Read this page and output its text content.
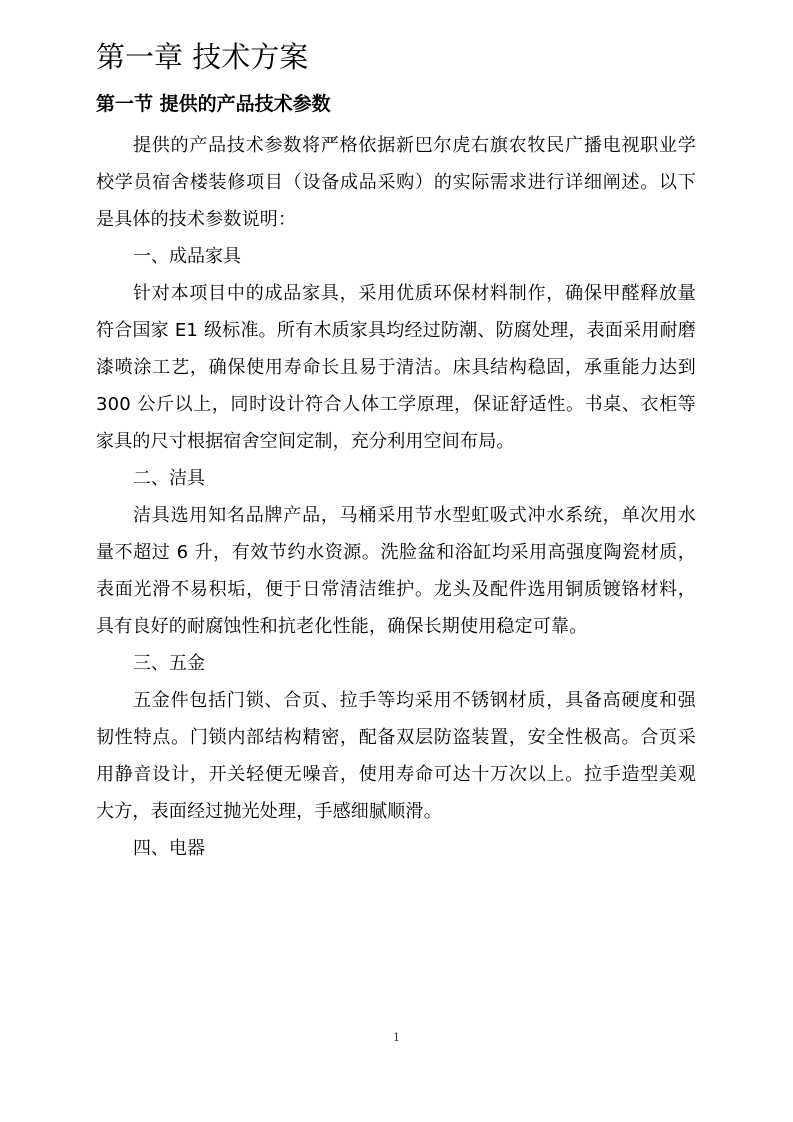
第一章 技术方案
第一节 提供的产品技术参数

提供的产品技术参数将严格依据新巴尔虎右旗农牧民广播电视职业学校学员宿舍楼装修项目（设备成品采购）的实际需求进行详细阐述。以下是具体的技术参数说明：

一、成品家具

针对本项目中的成品家具，采用优质环保材料制作，确保甲醛释放量符合国家 E1 级标准。所有木质家具均经过防潮、防腐处理，表面采用耐磨漆喷涂工艺，确保使用寿命长且易于清洁。床具结构稳固，承重能力达到 300 公斤以上，同时设计符合人体工学原理，保证舒适性。书桌、衣柜等家具的尺寸根据宿舍空间定制，充分利用空间布局。

二、洁具

洁具选用知名品牌产品，马桶采用节水型虹吸式冲水系统，单次用水量不超过 6 升，有效节约水资源。洗脸盆和浴缸均采用高强度陶瓷材质，表面光滑不易积垢，便于日常清洁维护。龙头及配件选用铜质镀铬材料，具有良好的耐腐蚀性和抗老化性能，确保长期使用稳定可靠。

三、五金

五金件包括门锁、合页、拉手等均采用不锈钢材质，具备高硬度和强韧性特点。门锁内部结构精密，配备双层防盗装置，安全性极高。合页采用静音设计，开关轻便无噪音，使用寿命可达十万次以上。拉手造型美观大方，表面经过抛光处理，手感细腻顺滑。

四、电器
1
